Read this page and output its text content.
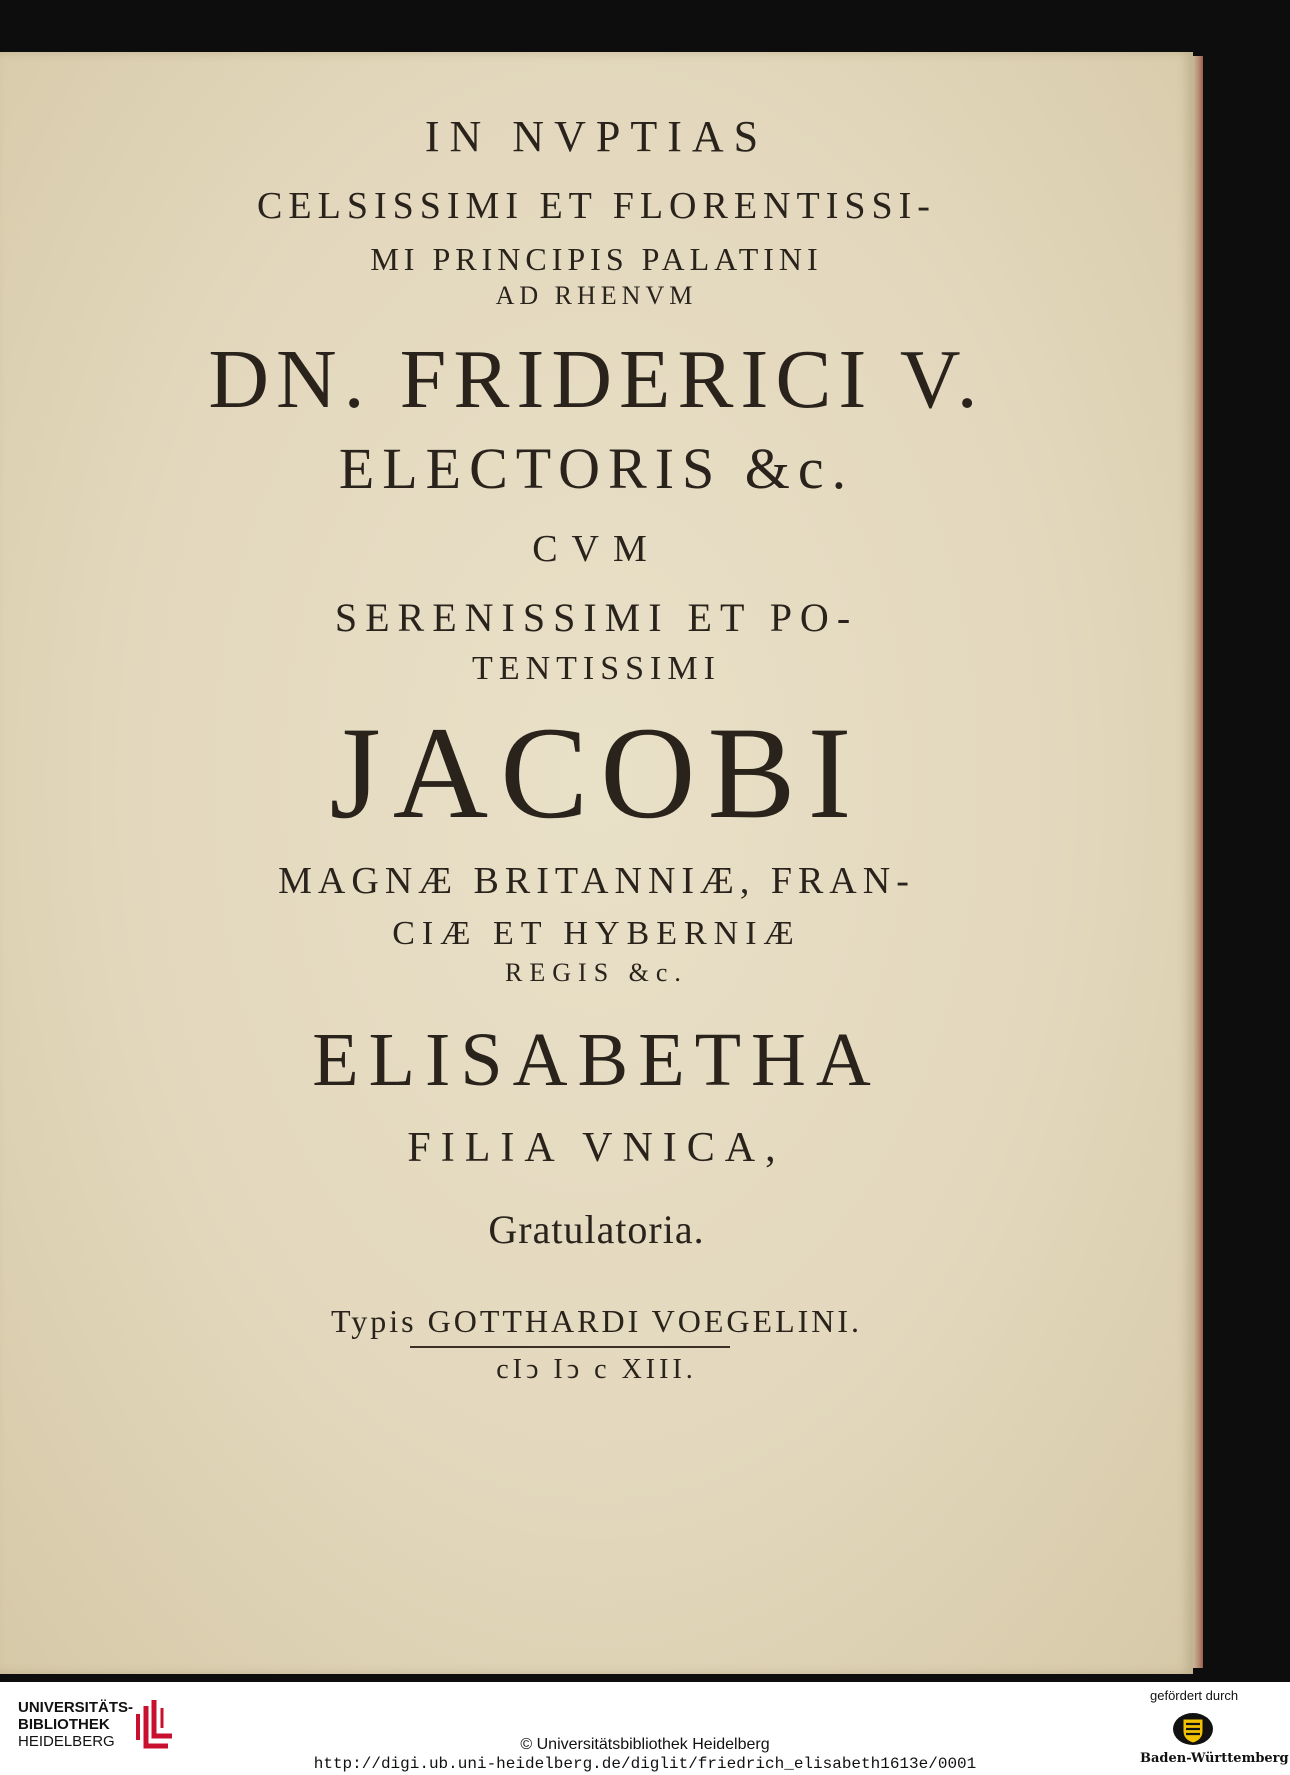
IN NVPTIAS
CELSISSIMI ET FLORENTISSI-
MI PRINCIPIS PALATINI
AD RHENVM
DN. FRIDERICI V.
ELECTORIS &c.
CVM
SERENISSIMI ET PO-
TENTISSIMI
JACOBI
MAGNÆ BRITANNIÆ, FRAN-
CIÆ ET HYBERNIÆ
REGIS &c.
ELISABETHA
FILIA VNICA,
Gratulatoria.
Typis GOTTHARDI VOEGELINI.
cIↄ Iↄ c XIII.
UNIVERSITÄTS-
BIBLIOTHEK
HEIDELBERG	© Universitätsbibliothek Heidelberg
http://digi.ub.uni-heidelberg.de/diglit/friedrich_elisabeth1613e/0001
gefördert durch
Baden-Württemberg
